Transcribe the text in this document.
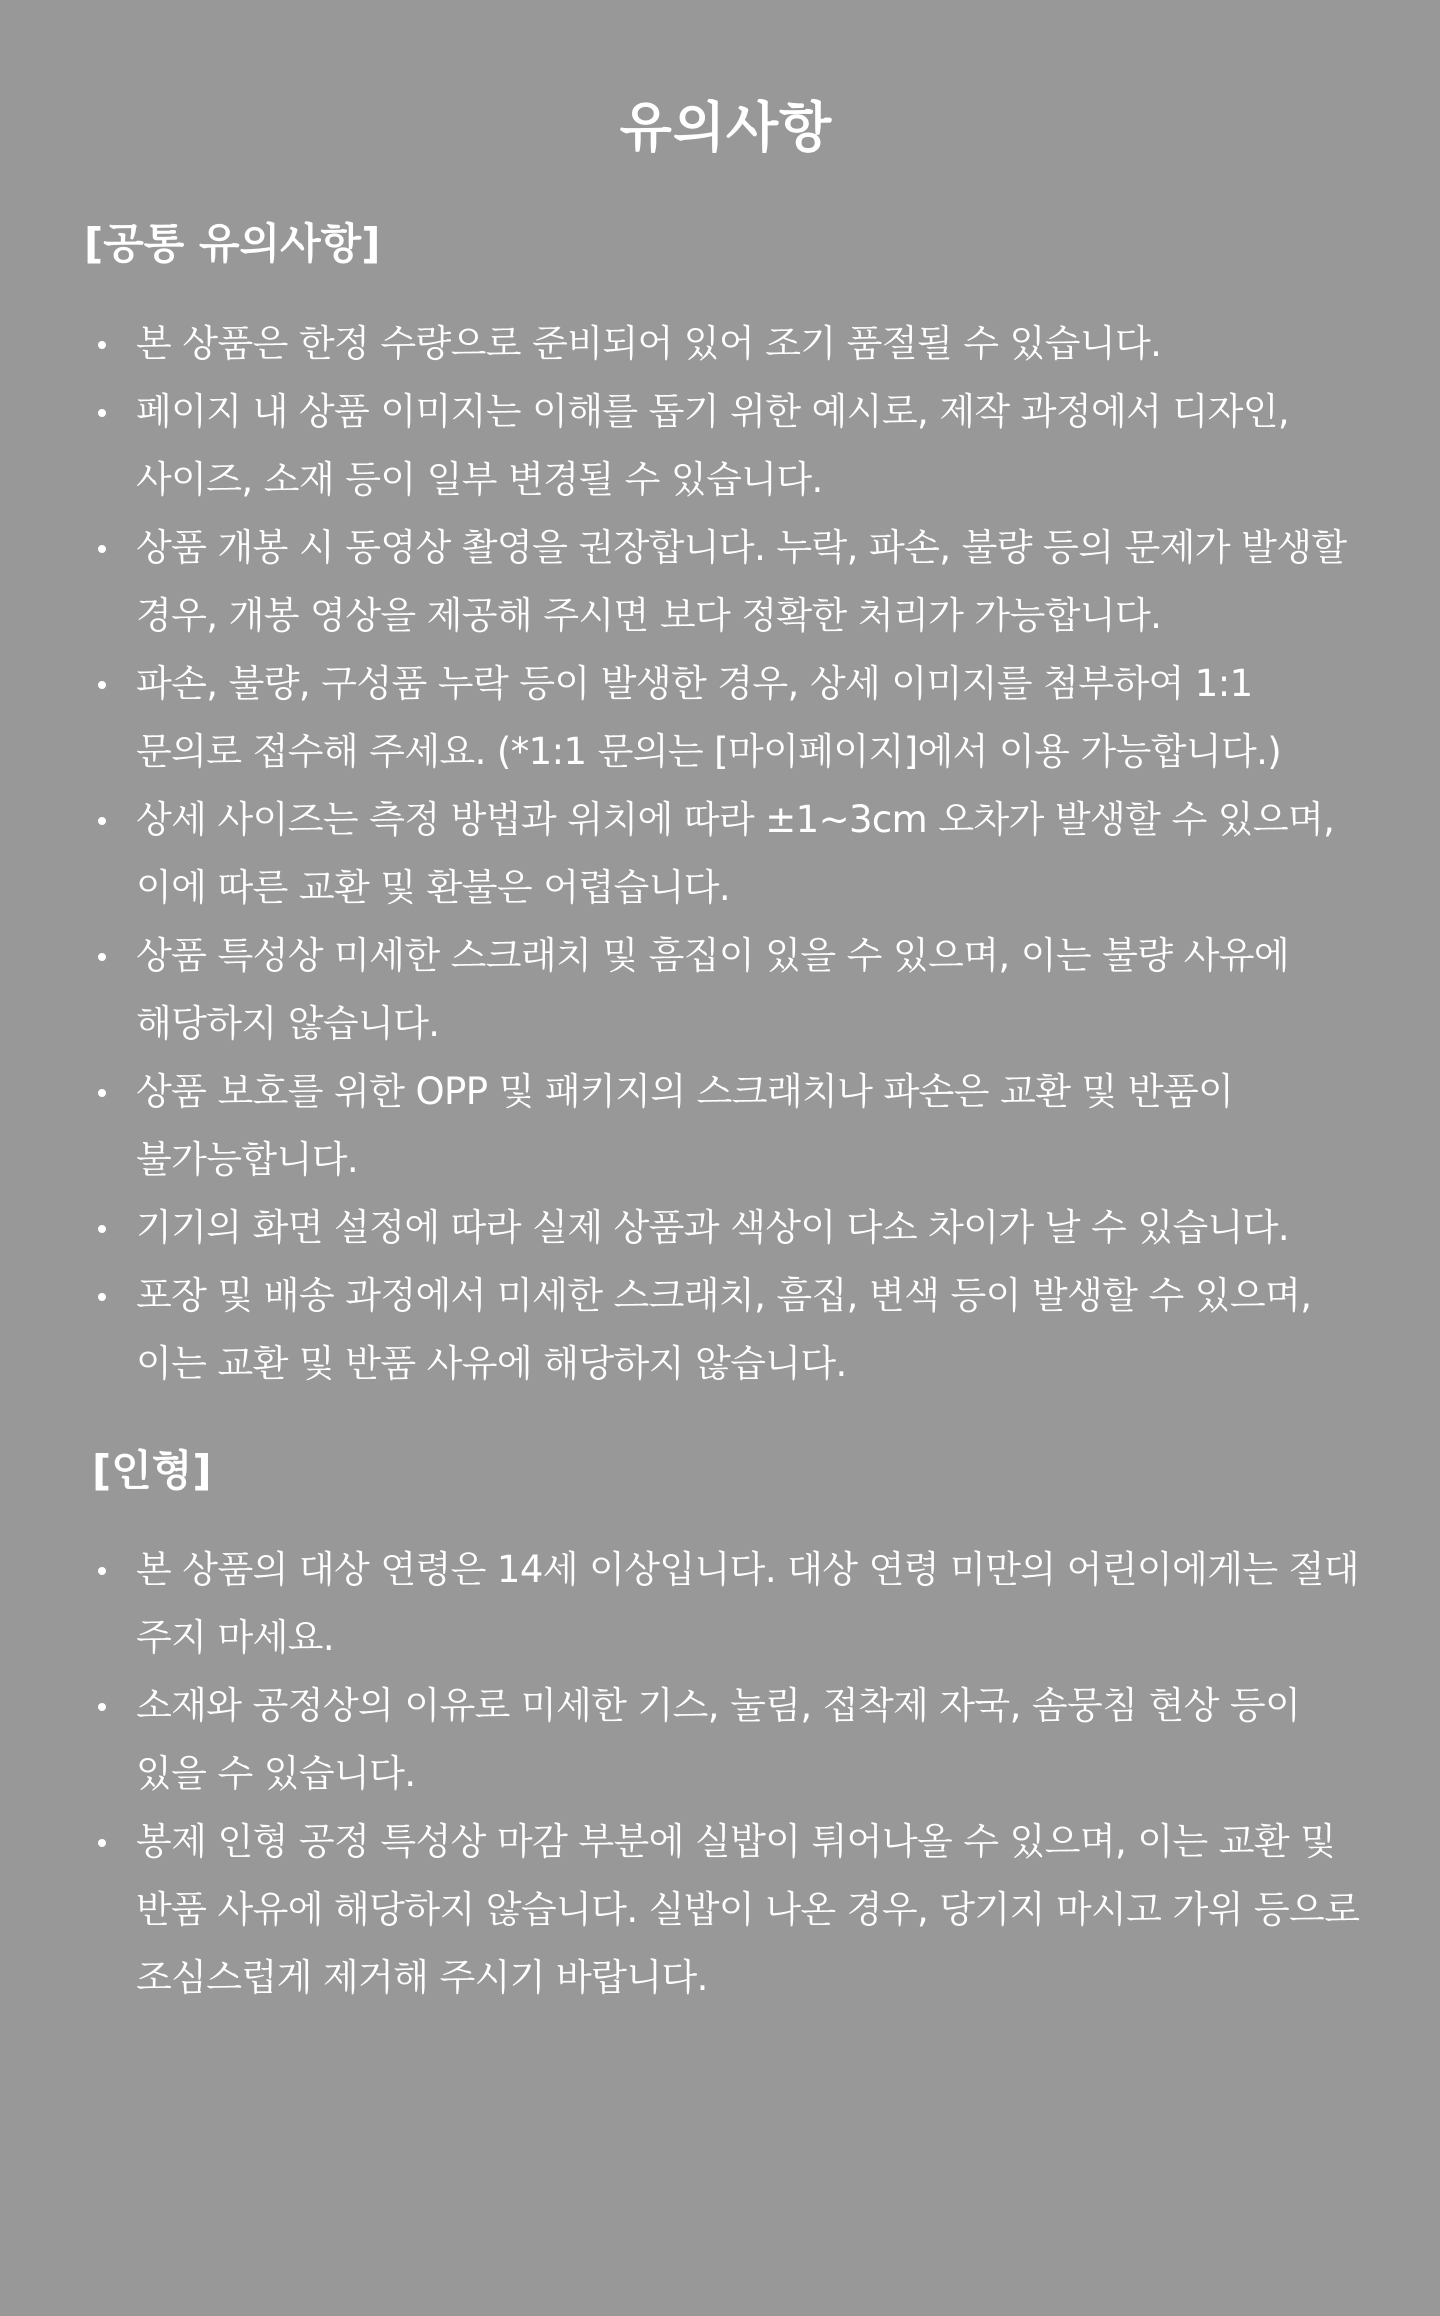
유의사항
[공통 유의사항]
본 상품은 한정 수량으로 준비되어 있어 조기 품절될 수 있습니다.
페이지 내 상품 이미지는 이해를 돕기 위한 예시로, 제작 과정에서 디자인, 사이즈, 소재 등이 일부 변경될 수 있습니다.
상품 개봉 시 동영상 촬영을 권장합니다. 누락, 파손, 불량 등의 문제가 발생할 경우, 개봉 영상을 제공해 주시면 보다 정확한 처리가 가능합니다.
파손, 불량, 구성품 누락 등이 발생한 경우, 상세 이미지를 첨부하여 1:1 문의로 접수해 주세요. (*1:1 문의는 [마이페이지]에서 이용 가능합니다.)
상세 사이즈는 측정 방법과 위치에 따라 ±1~3cm 오차가 발생할 수 있으며, 이에 따른 교환 및 환불은 어렵습니다.
상품 특성상 미세한 스크래치 및 흠집이 있을 수 있으며, 이는 불량 사유에 해당하지 않습니다.
상품 보호를 위한 OPP 및 패키지의 스크래치나 파손은 교환 및 반품이 불가능합니다.
기기의 화면 설정에 따라 실제 상품과 색상이 다소 차이가 날 수 있습니다.
포장 및 배송 과정에서 미세한 스크래치, 흠집, 변색 등이 발생할 수 있으며, 이는 교환 및 반품 사유에 해당하지 않습니다.
[인형]
본 상품의 대상 연령은 14세 이상입니다. 대상 연령 미만의 어린이에게는 절대 주지 마세요.
소재와 공정상의 이유로 미세한 기스, 눌림, 접착제 자국, 솜뭉침 현상 등이 있을 수 있습니다.
봉제 인형 공정 특성상 마감 부분에 실밥이 튀어나올 수 있으며, 이는 교환 및 반품 사유에 해당하지 않습니다. 실밥이 나온 경우, 당기지 마시고 가위 등으로 조심스럽게 제거해 주시기 바랍니다.
